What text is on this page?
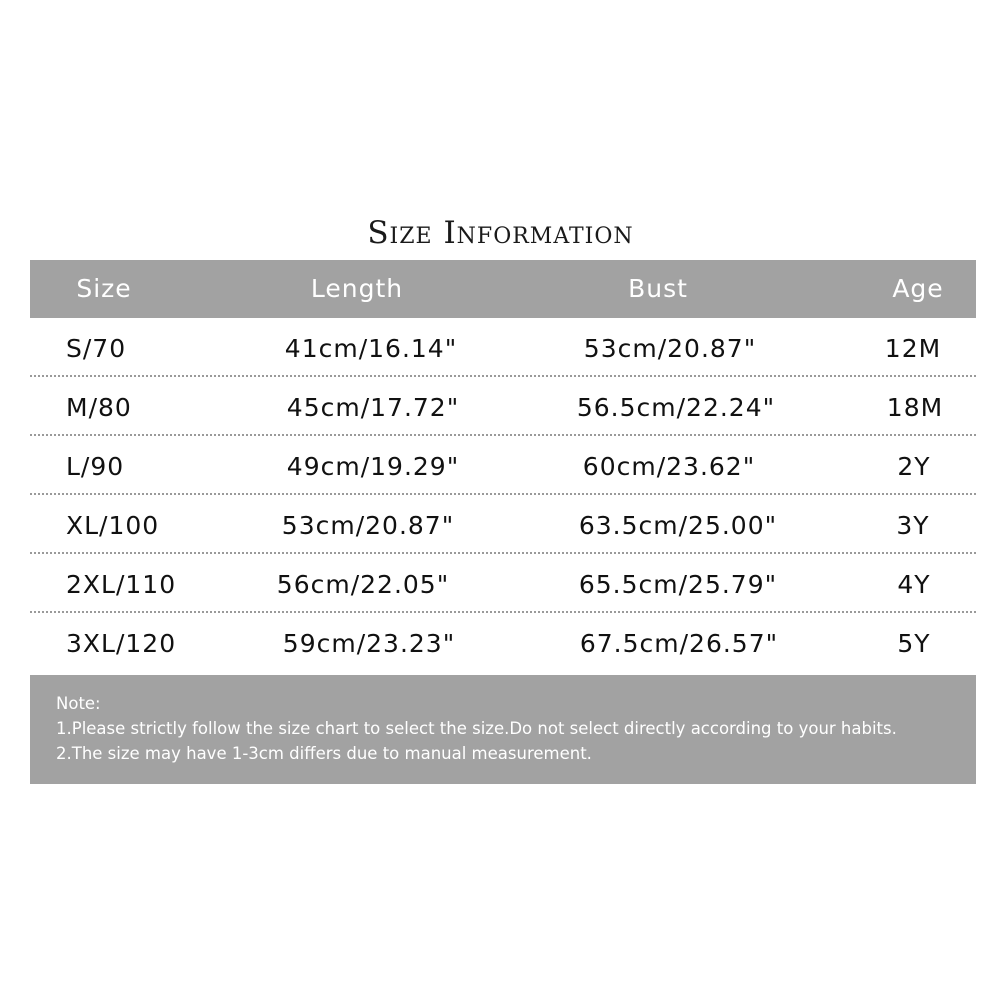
Size Information
Size	Length	Bust	Age
S/70	41cm/16.14"	53cm/20.87"	12M
M/80	45cm/17.72"	56.5cm/22.24"	18M
L/90	49cm/19.29"	60cm/23.62"	2Y
XL/100	53cm/20.87"	63.5cm/25.00"	3Y
2XL/110	56cm/22.05"	65.5cm/25.79"	4Y
3XL/120	59cm/23.23"	67.5cm/26.57"	5Y
Note:
1.Please strictly follow the size chart to select the size.Do not select directly according to your habits.
2.The size may have 1-3cm differs due to manual measurement.
